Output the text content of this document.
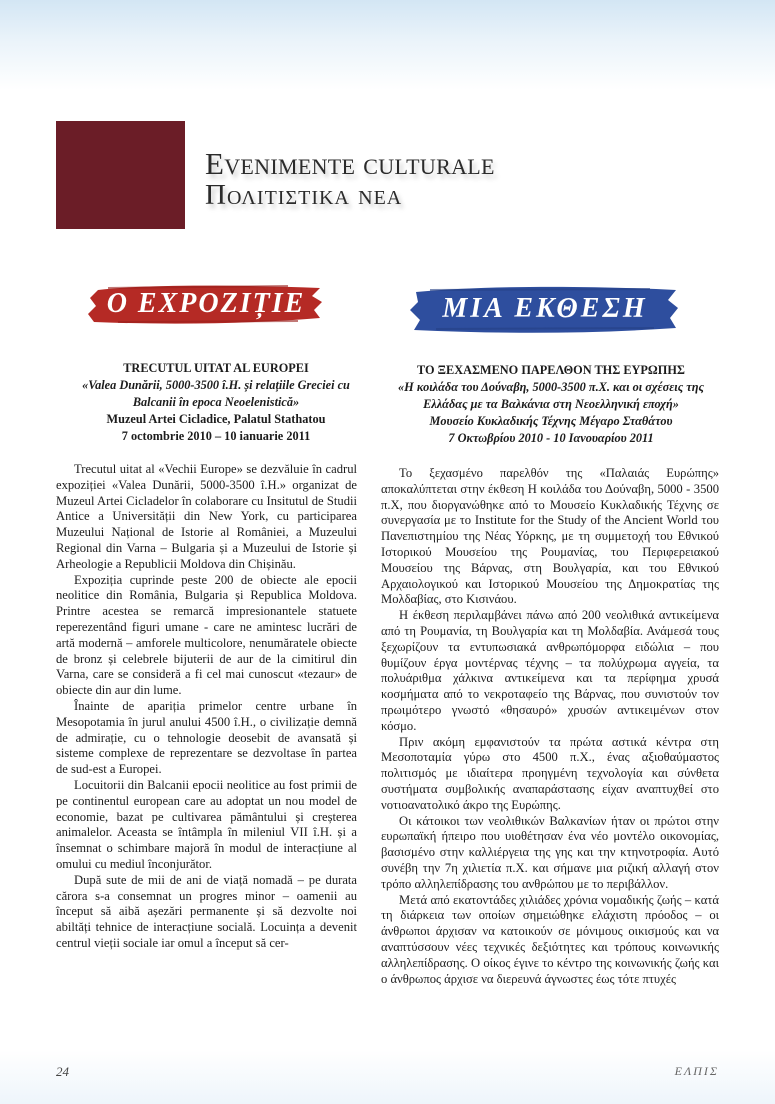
Evenimente culturale
Πολιτιστικα νεα
O EXPOZIȚIE	ΜΙΑ ΕΚΘΕΣΗ
TRECUTUL UITAT AL EUROPEI
«Valea Dunării, 5000-3500 î.H. și relațiile Greciei cu Balcanii în epoca Neoelenistică»
Muzeul Artei Cicladice, Palatul Stathatou
7 octombrie 2010 – 10 ianuarie 2011
ΤΟ ΞΕΧΑΣΜΕΝΟ ΠΑΡΕΛΘΟΝ ΤΗΣ ΕΥΡΩΠΗΣ
«Η κοιλάδα του Δούναβη, 5000-3500 π.Χ. και οι σχέσεις της Ελλάδας με τα Βαλκάνια στη Νεοελληνική εποχή»
Μουσείο Κυκλαδικής Τέχνης Μέγαρο Σταθάτου
7 Οκτωβρίου 2010 - 10 Ιανουαρίου 2011

Trecutul uitat al «Vechii Europe» se dezvăluie în cadrul expoziției «Valea Dunării, 5000-3500 î.H.» organizat de Muzeul Artei Cicladelor în colaborare cu Insitutul de Studii Antice a Universității din New York, cu participarea Muzeului Național de Istorie al României, a Muzeului Regional din Varna – Bulgaria și a Muzeului de Istorie și Arheologie a Republicii Moldova din Chișinău.

Expoziția cuprinde peste 200 de obiecte ale epocii neolitice din România, Bulgaria și Republica Moldova. Printre acestea se remarcă impresionantele statuete reperezentând figuri umane - care ne amintesc lucrări de artă modernă – amforele multicolore, nenumăratele obiecte de bronz și celebrele bijuterii de aur de la cimitirul din Varna, care se consideră a fi cel mai cunoscut «tezaur» de obiecte din aur din lume.

Înainte de apariția primelor centre urbane în Mesopotamia în jurul anului 4500 î.H., o civilizație demnă de admirație, cu o tehnologie deosebit de avansată și sisteme complexe de reprezentare se dezvoltase în partea de sud-est a Europei.

Locuitorii din Balcanii epocii neolitice au fost primii de pe continentul european care au adoptat un nou model de economie, bazat pe cultivarea pământului și creșterea animalelor. Aceasta se întâmpla în mileniul VII î.H. și a însemnat o schimbare majoră în modul de interacțiune al omului cu mediul înconjurător.

După sute de mii de ani de viață nomadă – pe durata cărora s-a consemnat un progres minor – oamenii au început să aibă așezări permanente și să dezvolte noi abiltăți tehnice de interacțiune socială. Locuința a devenit centrul vieții sociale iar omul a început să cer-

Το ξεχασμένο παρελθόν της «Παλαιάς Ευρώπης» αποκαλύπτεται στην έκθεση Η κοιλάδα του Δούναβη, 5000 - 3500 π.Χ, που διοργανώθηκε από το Μουσείο Κυκλαδικής Τέχνης σε συνεργασία με το Institute for the Study of the Ancient World του Πανεπιστημίου της Νέας Υόρκης, με τη συμμετοχή του Εθνικού Ιστορικού Μουσείου της Ρουμανίας, του Περιφερειακού Μουσείου της Βάρνας, στη Βουλγαρία, και του Εθνικού Αρχαιολογικού και Ιστορικού Μουσείου της Δημοκρατίας της Μολδαβίας, στο Κισινάου.

Η έκθεση περιλαμβάνει πάνω από 200 νεολιθικά αντικείμενα από τη Ρουμανία, τη Βουλγαρία και τη Μολδαβία. Ανάμεσά τους ξεχωρίζουν τα εντυπωσιακά ανθρωπόμορφα ειδώλια – που θυμίζουν έργα μοντέρνας τέχνης – τα πολύχρωμα αγγεία, τα πολυάριθμα χάλκινα αντικείμενα και τα περίφημα χρυσά κοσμήματα από το νεκροταφείο της Βάρνας, που συνιστούν τον πρωιμότερο γνωστό «θησαυρό» χρυσών αντικειμένων στον κόσμο.

Πριν ακόμη εμφανιστούν τα πρώτα αστικά κέντρα στη Μεσοποταμία γύρω στο 4500 π.Χ., ένας αξιοθαύμαστος πολιτισμός με ιδιαίτερα προηγμένη τεχνολογία και σύνθετα συστήματα συμβολικής αναπαράστασης είχαν αναπτυχθεί στο νοτιοανατολικό άκρο της Ευρώπης.

Οι κάτοικοι των νεολιθικών Βαλκανίων ήταν οι πρώτοι στην ευρωπαϊκή ήπειρο που υιοθέτησαν ένα νέο μοντέλο οικονομίας, βασισμένο στην καλλιέργεια της γης και την κτηνοτροφία. Αυτό συνέβη την 7η χιλιετία π.Χ. και σήμανε μια ριζική αλλαγή στον τρόπο αλληλεπίδρασης του ανθρώπου με το περιβάλλον.

Μετά από εκατοντάδες χιλιάδες χρόνια νομαδικής ζωής – κατά τη διάρκεια των οποίων σημειώθηκε ελάχιστη πρόοδος – οι άνθρωποι άρχισαν να κατοικούν σε μόνιμους οικισμούς και να αναπτύσσουν νέες τεχνικές δεξιότητες και τρόπους κοινωνικής αλληλεπίδρασης. Ο οίκος έγινε το κέντρο της κοινωνικής ζωής και ο άνθρωπος άρχισε να διερευνά άγνωστες έως τότε πτυχές

24	ΕΛΠΙΣ
